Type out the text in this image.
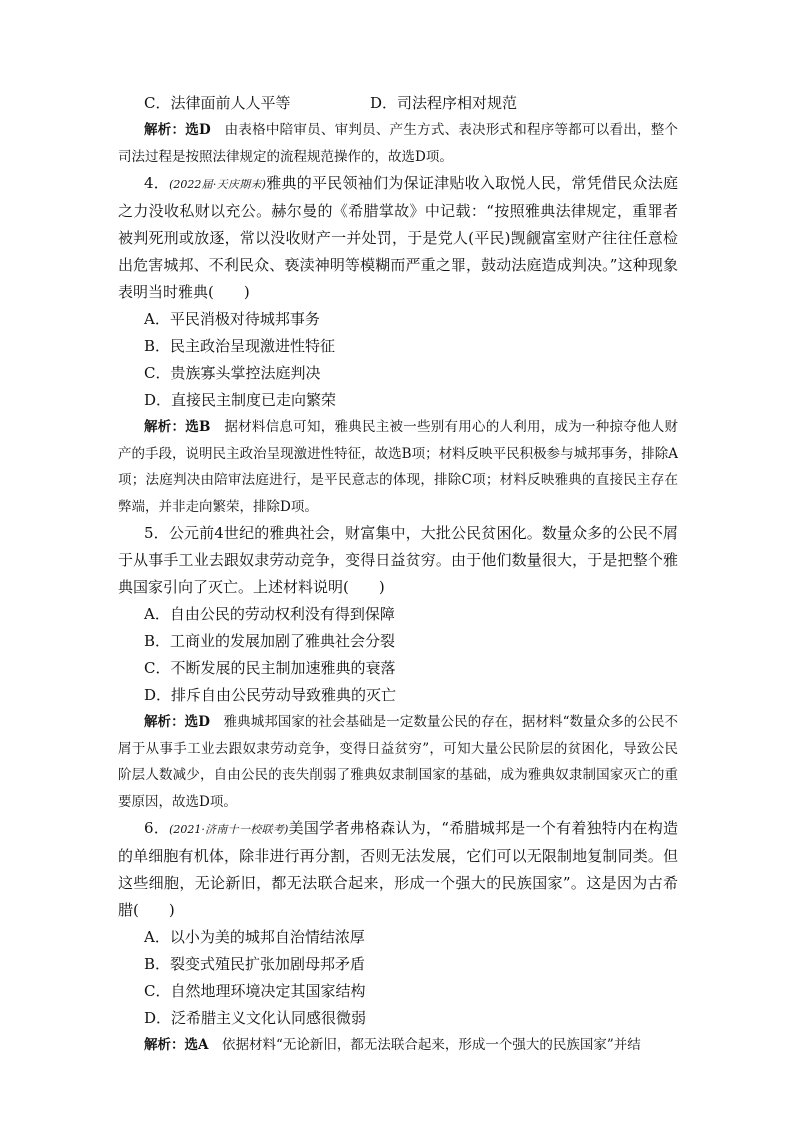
C．法律面前人人平等	D．司法程序相对规范

解析：选D　由表格中陪审员、审判员、产生方式、表决形式和程序等都可以看出，整个司法过程是按照法律规定的流程规范操作的，故选D项。

4．(2022届·天庆期末)雅典的平民领袖们为保证津贴收入取悦人民，常凭借民众法庭之力没收私财以充公。赫尔曼的《希腊掌故》中记载：“按照雅典法律规定，重罪者被判死刑或放逐，常以没收财产一并处罚，于是党人(平民)觊觎富室财产往往任意检出危害城邦、不利民众、亵渎神明等模糊而严重之罪，鼓动法庭造成判决。”这种现象表明当时雅典(　　)

A．平民消极对待城邦事务
B．民主政治呈现激进性特征
C．贵族寡头掌控法庭判决
D．直接民主制度已走向繁荣

解析：选B　据材料信息可知，雅典民主被一些别有用心的人利用，成为一种掠夺他人财产的手段，说明民主政治呈现激进性特征，故选B项；材料反映平民积极参与城邦事务，排除A项；法庭判决由陪审法庭进行，是平民意志的体现，排除C项；材料反映雅典的直接民主存在弊端，并非走向繁荣，排除D项。

5．公元前4世纪的雅典社会，财富集中，大批公民贫困化。数量众多的公民不屑于从事手工业去跟奴隶劳动竞争，变得日益贫穷。由于他们数量很大，于是把整个雅典国家引向了灭亡。上述材料说明(　　)

A．自由公民的劳动权利没有得到保障
B．工商业的发展加剧了雅典社会分裂
C．不断发展的民主制加速雅典的衰落
D．排斥自由公民劳动导致雅典的灭亡

解析：选D　雅典城邦国家的社会基础是一定数量公民的存在，据材料“数量众多的公民不屑于从事手工业去跟奴隶劳动竞争，变得日益贫穷”，可知大量公民阶层的贫困化，导致公民阶层人数减少，自由公民的丧失削弱了雅典奴隶制国家的基础，成为雅典奴隶制国家灭亡的重要原因，故选D项。

6．(2021·济南十一校联考)美国学者弗格森认为，“希腊城邦是一个有着独特内在构造的单细胞有机体，除非进行再分割，否则无法发展，它们可以无限制地复制同类。但这些细胞，无论新旧，都无法联合起来，形成一个强大的民族国家”。这是因为古希腊(　　)

A．以小为美的城邦自治情结浓厚
B．裂变式殖民扩张加剧母邦矛盾
C．自然地理环境决定其国家结构
D．泛希腊主义文化认同感很微弱

解析：选A　依据材料“无论新旧，都无法联合起来，形成一个强大的民族国家”并结
